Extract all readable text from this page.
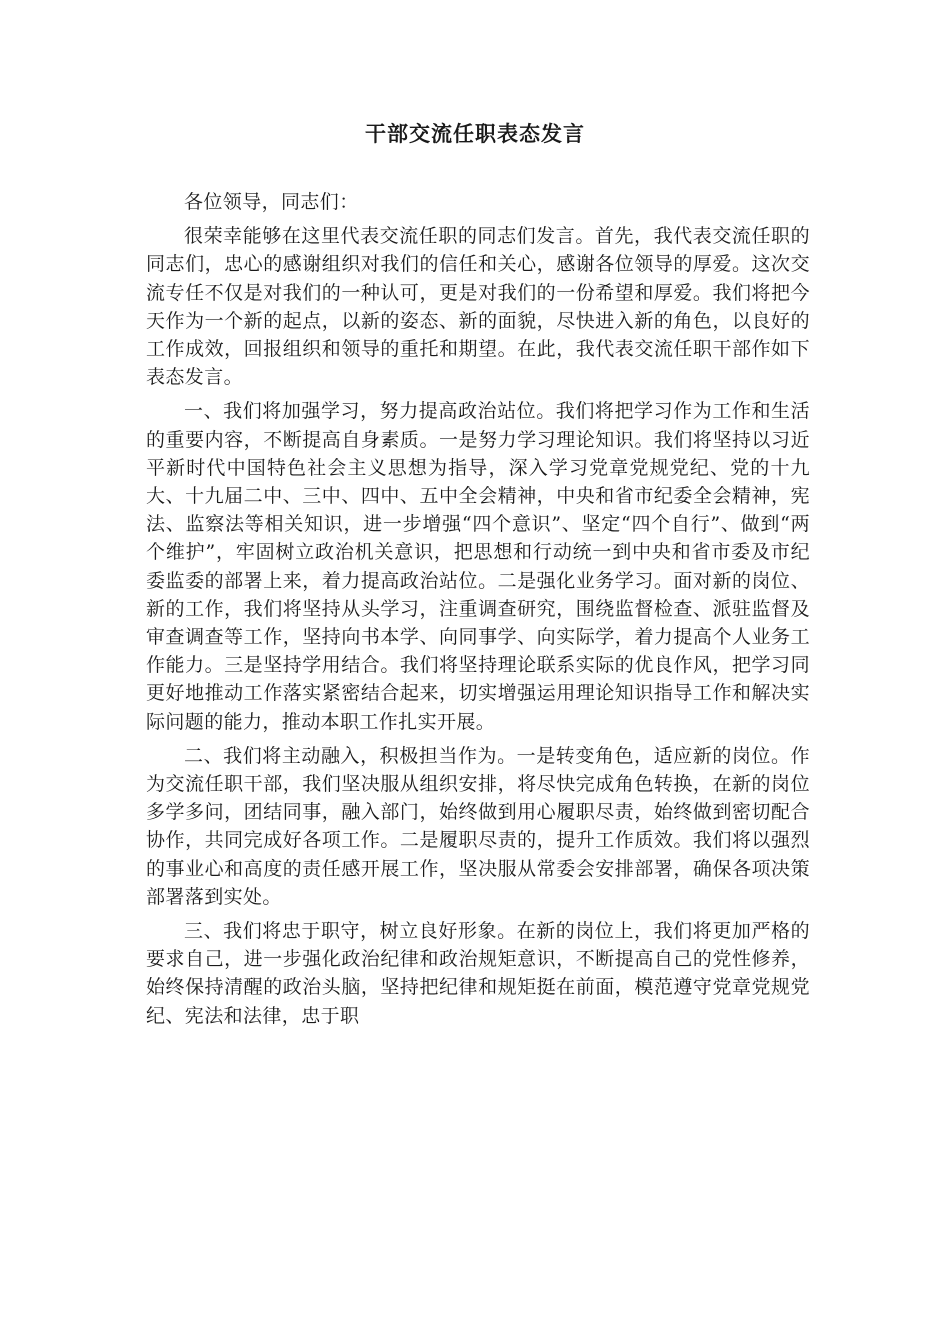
干部交流任职表态发言

各位领导，同志们：

很荣幸能够在这里代表交流任职的同志们发言。首先，我代表交流任职的同志们，忠心的感谢组织对我们的信任和关心，感谢各位领导的厚爱。这次交流专任不仅是对我们的一种认可，更是对我们的一份希望和厚爱。我们将把今天作为一个新的起点，以新的姿态、新的面貌，尽快进入新的角色，以良好的工作成效，回报组织和领导的重托和期望。在此，我代表交流任职干部作如下表态发言。

一、我们将加强学习，努力提高政治站位。我们将把学习作为工作和生活的重要内容，不断提高自身素质。一是努力学习理论知识。我们将坚持以习近平新时代中国特色社会主义思想为指导，深入学习党章党规党纪、党的十九大、十九届二中、三中、四中、五中全会精神，中央和省市纪委全会精神，宪法、监察法等相关知识，进一步增强“四个意识”、坚定“四个自行”、做到“两个维护”，牢固树立政治机关意识，把思想和行动统一到中央和省市委及市纪委监委的部署上来，着力提高政治站位。二是强化业务学习。面对新的岗位、新的工作，我们将坚持从头学习，注重调查研究，围绕监督检查、派驻监督及审查调查等工作，坚持向书本学、向同事学、向实际学，着力提高个人业务工作能力。三是坚持学用结合。我们将坚持理论联系实际的优良作风，把学习同更好地推动工作落实紧密结合起来，切实增强运用理论知识指导工作和解决实际问题的能力，推动本职工作扎实开展。

二、我们将主动融入，积极担当作为。一是转变角色，适应新的岗位。作为交流任职干部，我们坚决服从组织安排，将尽快完成角色转换，在新的岗位多学多问，团结同事，融入部门，始终做到用心履职尽责，始终做到密切配合协作，共同完成好各项工作。二是履职尽责的，提升工作质效。我们将以强烈的事业心和高度的责任感开展工作，坚决服从常委会安排部署，确保各项决策部署落到实处。

三、我们将忠于职守，树立良好形象。在新的岗位上，我们将更加严格的要求自己，进一步强化政治纪律和政治规矩意识，不断提高自己的党性修养，始终保持清醒的政治头脑，坚持把纪律和规矩挺在前面，模范遵守党章党规党纪、宪法和法律，忠于职
